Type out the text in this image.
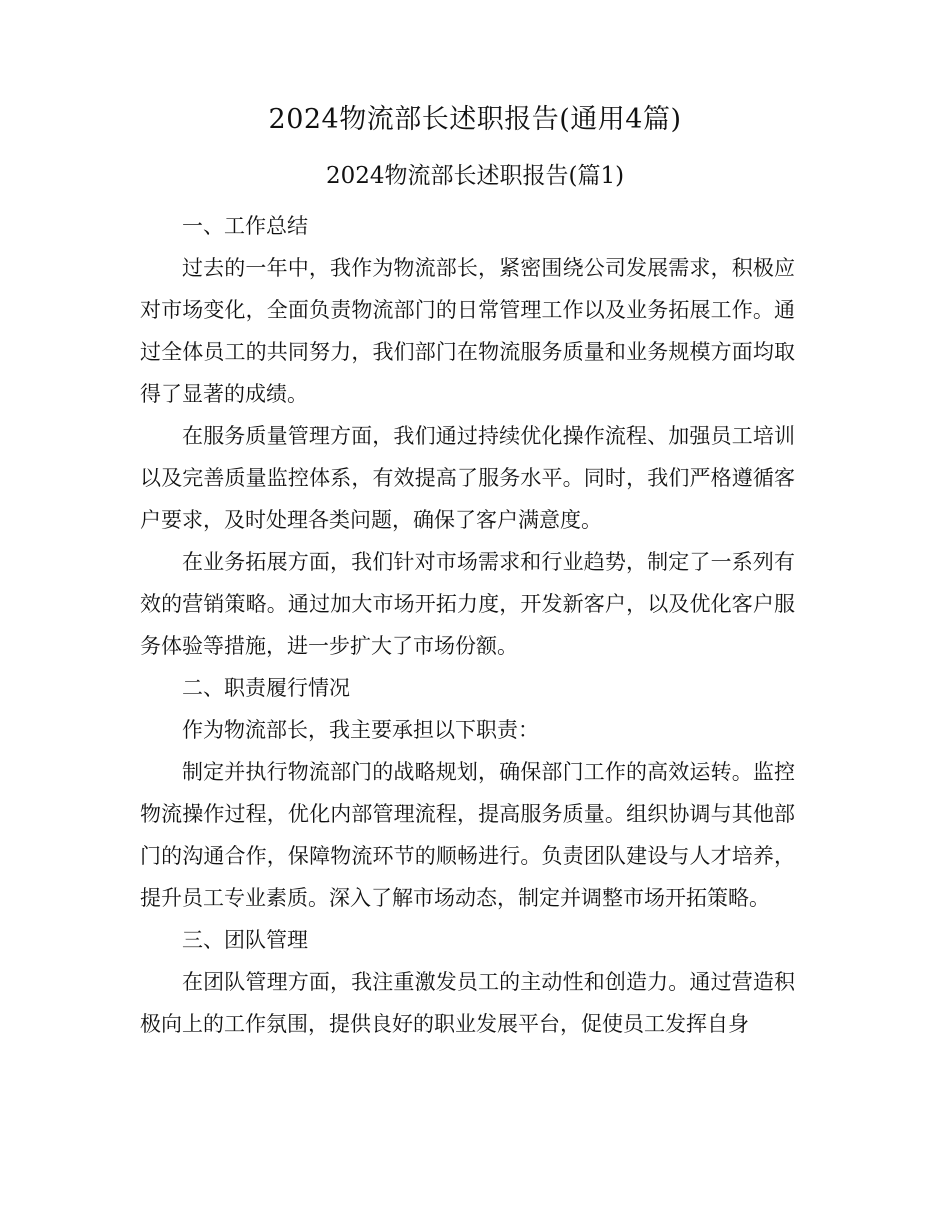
2024物流部长述职报告(通用4篇)
2024物流部长述职报告(篇1)

一、工作总结

过去的一年中，我作为物流部长，紧密围绕公司发展需求，积极应对市场变化，全面负责物流部门的日常管理工作以及业务拓展工作。通过全体员工的共同努力，我们部门在物流服务质量和业务规模方面均取得了显著的成绩。

在服务质量管理方面，我们通过持续优化操作流程、加强员工培训以及完善质量监控体系，有效提高了服务水平。同时，我们严格遵循客户要求，及时处理各类问题，确保了客户满意度。

在业务拓展方面，我们针对市场需求和行业趋势，制定了一系列有效的营销策略。通过加大市场开拓力度，开发新客户，以及优化客户服务体验等措施，进一步扩大了市场份额。

二、职责履行情况

作为物流部长，我主要承担以下职责：

制定并执行物流部门的战略规划，确保部门工作的高效运转。监控物流操作过程，优化内部管理流程，提高服务质量。组织协调与其他部门的沟通合作，保障物流环节的顺畅进行。负责团队建设与人才培养，提升员工专业素质。深入了解市场动态，制定并调整市场开拓策略。

三、团队管理

在团队管理方面，我注重激发员工的主动性和创造力。通过营造积极向上的工作氛围，提供良好的职业发展平台，促使员工发挥自身
